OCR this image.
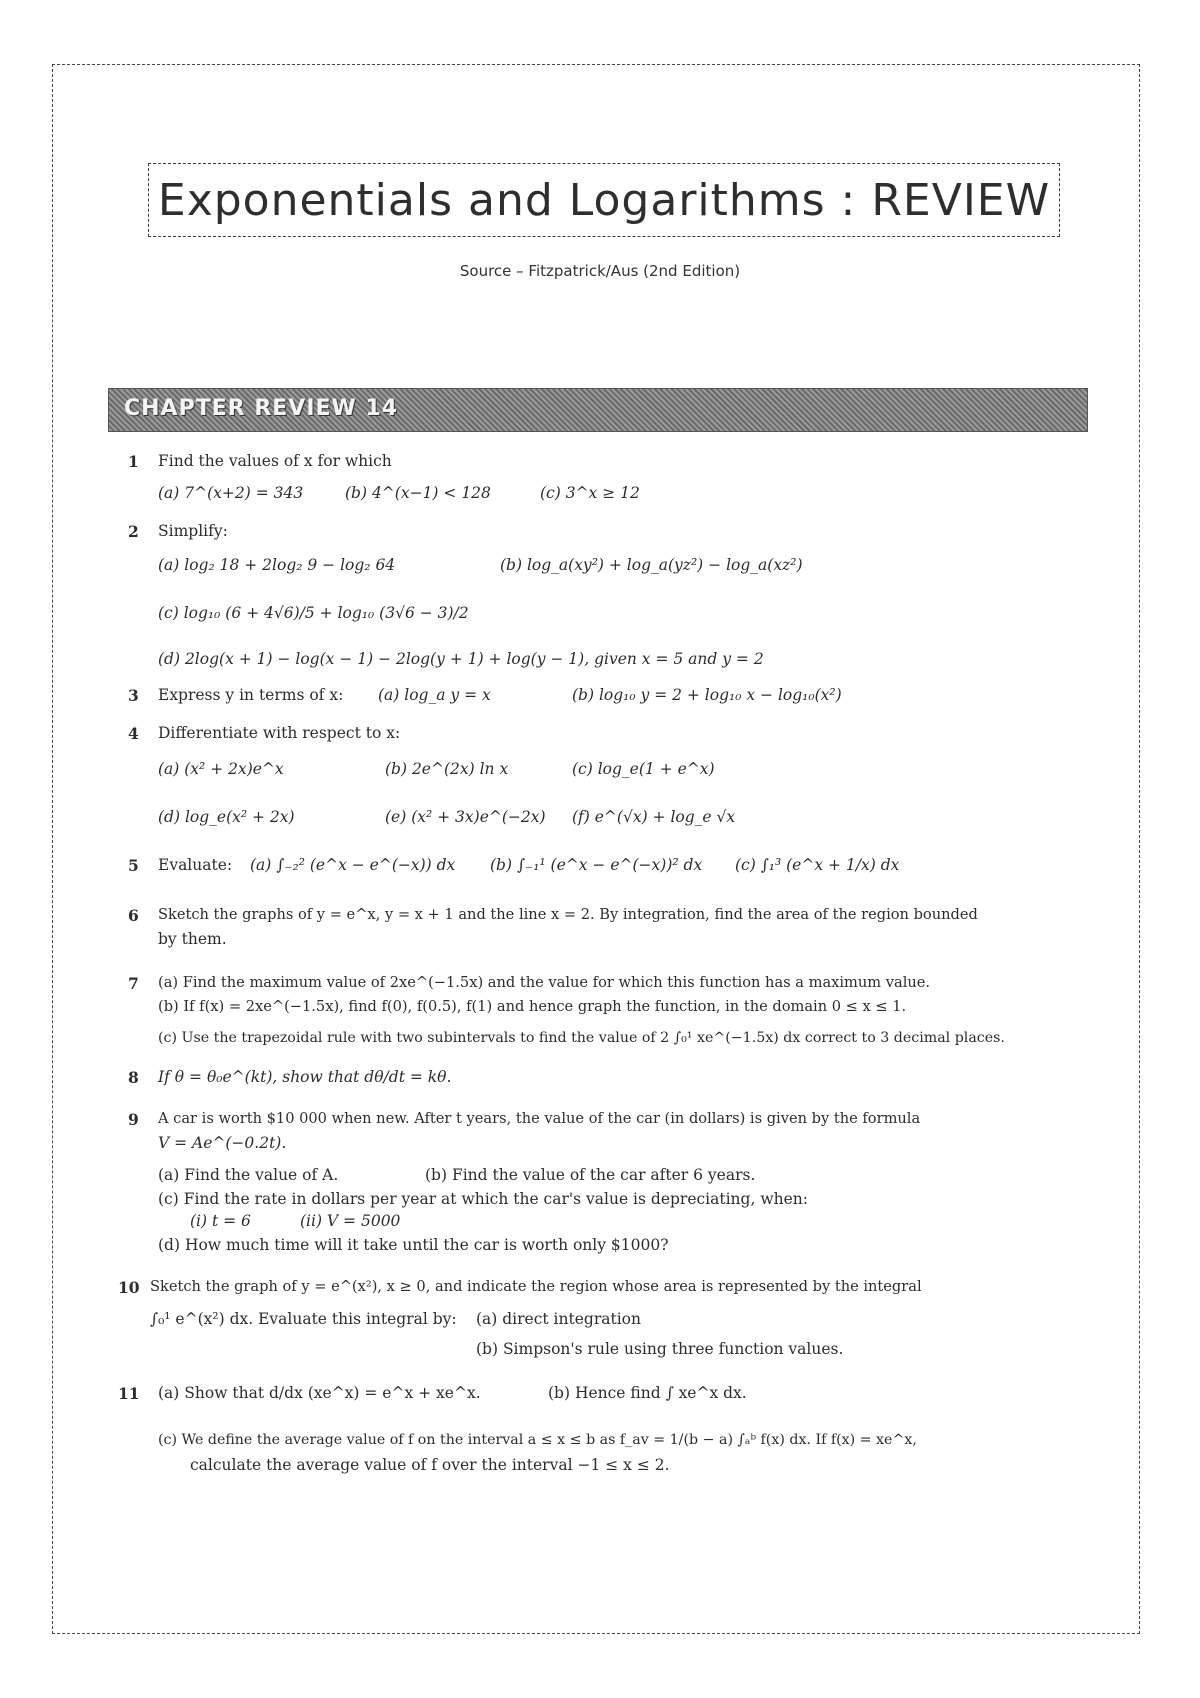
Exponentials and Logarithms : REVIEW
Source – Fitzpatrick/Aus (2nd Edition)
CHAPTER REVIEW 14
1 Find the values of x for which
(a) 7^(x+2) = 343	(b) 4^(x−1) < 128	(c) 3^x ≥ 12
2 Simplify:
(a) log₂ 18 + 2log₂ 9 − log₂ 64	(b) log_a(xy²) + log_a(yz²) − log_a(xz²)
(c) log₁₀ (6 + 4√6)/5 + log₁₀ (3√6 − 3)/2
(d) 2log(x + 1) − log(x − 1) − 2log(y + 1) + log(y − 1), given x = 5 and y = 2
3 Express y in terms of x: (a) log_a y = x	(b) log₁₀ y = 2 + log₁₀ x − log₁₀(x²)
4 Differentiate with respect to x:
(a) (x² + 2x)e^x	(b) 2e^(2x) ln x	(c) log_e(1 + e^x)
(d) log_e(x² + 2x)	(e) (x² + 3x)e^(−2x) (f) e^(√x) + log_e √x
5 Evaluate: (a) ∫₋₂² (e^x − e^(−x)) dx (b) ∫₋₁¹ (e^x − e^(−x))² dx (c) ∫₁³ (e^x + 1/x) dx
6 Sketch the graphs of y = e^x, y = x + 1 and the line x = 2. By integration, find the area of the region bounded
by them.
7 (a) Find the maximum value of 2xe^(−1.5x) and the value for which this function has a maximum value.
(b) If f(x) = 2xe^(−1.5x), find f(0), f(0.5), f(1) and hence graph the function, in the domain 0 ≤ x ≤ 1.
(c) Use the trapezoidal rule with two subintervals to find the value of 2 ∫₀¹ xe^(−1.5x) dx correct to 3 decimal places.
8 If θ = θ₀e^(kt), show that dθ/dt = kθ.
9 A car is worth $10 000 when new. After t years, the value of the car (in dollars) is given by the formula
V = Ae^(−0.2t).
(a) Find the value of A.	(b) Find the value of the car after 6 years.
(c) Find the rate in dollars per year at which the car's value is depreciating, when:
(i) t = 6	(ii) V = 5000
(d) How much time will it take until the car is worth only $1000?
10 Sketch the graph of y = e^(x²), x ≥ 0, and indicate the region whose area is represented by the integral
∫₀¹ e^(x²) dx. Evaluate this integral by: (a) direct integration
(b) Simpson's rule using three function values.
11 (a) Show that d/dx (xe^x) = e^x + xe^x.	(b) Hence find ∫ xe^x dx.
(c) We define the average value of f on the interval a ≤ x ≤ b as f_av = 1/(b − a) ∫ₐᵇ f(x) dx. If f(x) = xe^x,
calculate the average value of f over the interval −1 ≤ x ≤ 2.
